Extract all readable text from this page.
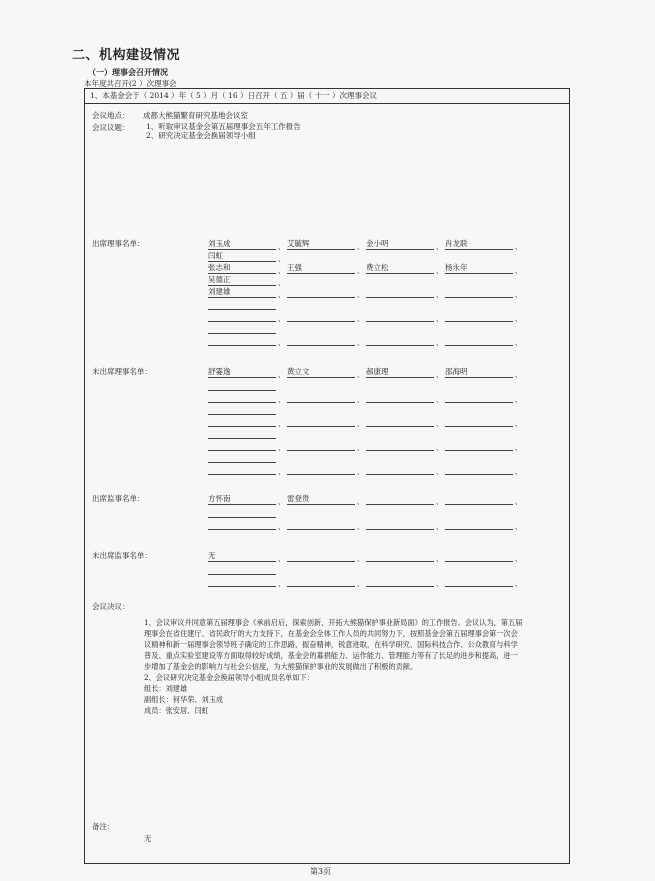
二、机构建设情况
（一）理事会召开情况
本年度共召开(2 ）次理事会
1、本基金会于（ 2014 ）年（ 5 ）月（ 16 ）日召开（ 五 ）届（ 十一 ）次理事会议
会议地点： 成都大熊猫繁育研究基地会议室
会议议题： 1、听取审议基金会第五届理事会五年工作报告
2、研究决定基金会换届领导小组
出席理事名单：	刘玉成	、 艾毓辉	、 金小明	、 肖龙联	、
闫虹	、
张志和	、 王强	、 费立松	、 杨永年	、
吴德正	、
刘建雄	、	、	、	、
、	、	、	、
、	、	、	、
未出席理事名单：	舒霎逸	、 黄立文	、 郝康理	、 邵海明	、
、	、	、	、
、	、	、	、
、	、	、	、
、	、	、	、
出席监事名单：	方怀南	、 雷登贵	、	、	、
、	、	、	、
未出席监事名单：	无	、	、	、	、
、	、	、	、
会议决议：

1、会议审议并同意第五届理事会《承前启后，探索创新，开拓大熊猫保护事业新局面》的工作报告。会议认为，第五届理事会在省住建厅、省民政厅的大力支持下，在基金会全体工作人员的共同努力下，按照基金会第五届理事会第一次会议精神和新一届理事会领导班子确定的工作思路，振奋精神，锐意进取，在科学研究、国际科技合作、公众教育与科学普及、重点实验室建设等方面取得较好成绩，基金会的募捐能力、运作能力、管理能力等有了长足的进步和提高，进一步增加了基金会的影响力与社会公信度，为大熊猫保护事业的发展做出了积极的贡献。

2、会议研究决定基金会换届领导小组成员名单如下：

组长：刘建雄

副组长：何华荣、刘玉成

成员：张安居、闫虹

备注：
无
第3页
